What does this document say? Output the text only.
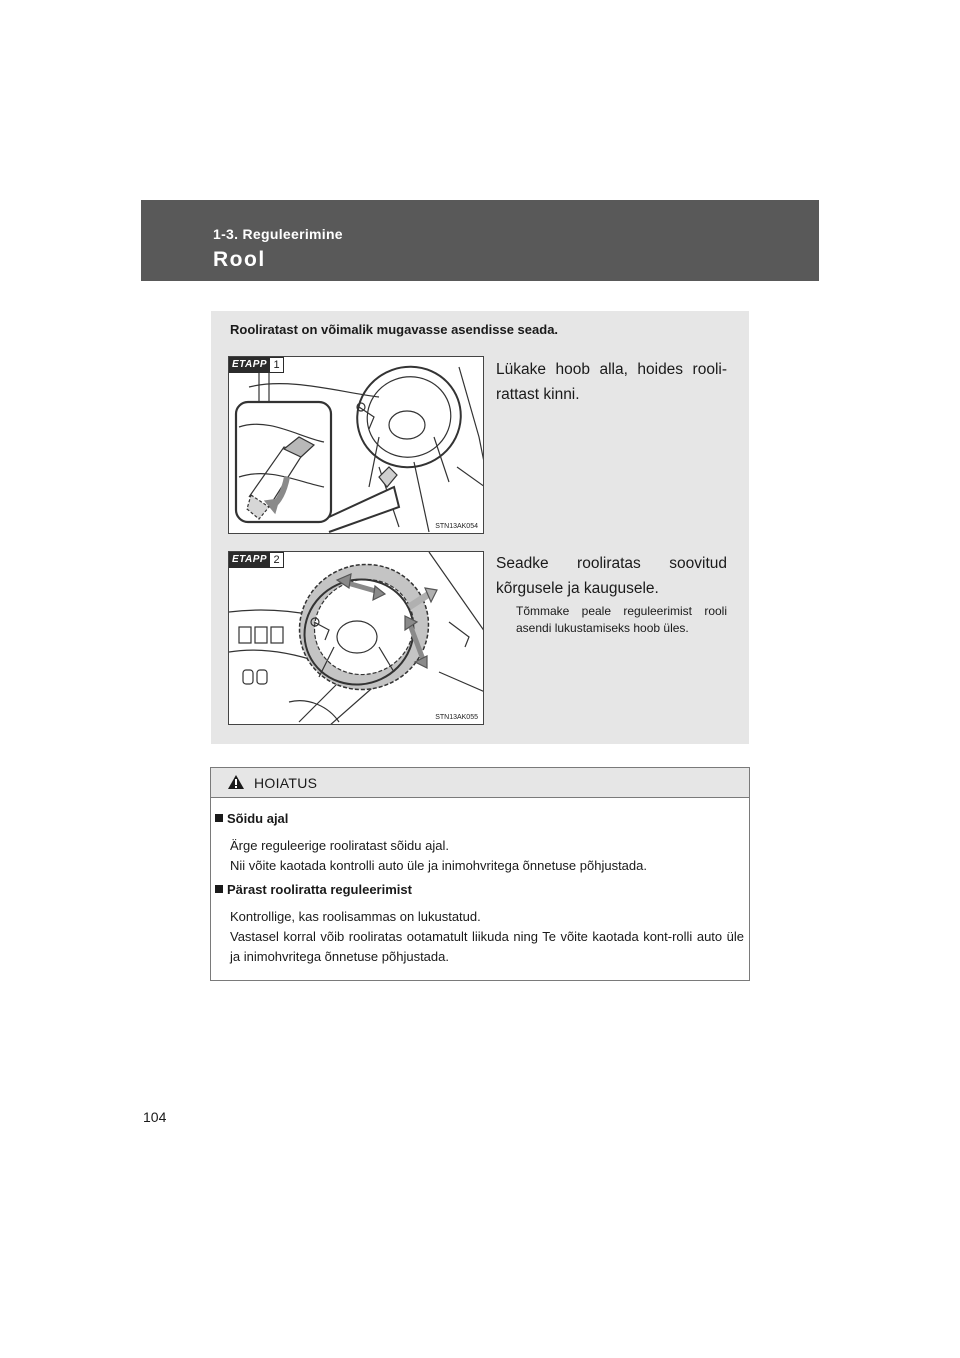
1-3. Reguleerimine
Rool
Rooliratast on võimalik mugavasse asendisse seada.
ETAPP 1
STN13AK054
Lükake hoob alla, hoides rooli-rattast kinni.
ETAPP 2
STN13AK055
Seadke rooliratas soovitud kõrgusele ja kaugusele.
Tõmmake peale reguleerimist rooli asendi lukustamiseks hoob üles.
HOIATUS
Sõidu ajal
Ärge reguleerige rooliratast sõidu ajal.
Nii võite kaotada kontrolli auto üle ja inimohvritega õnnetuse põhjustada.
Pärast rooliratta reguleerimist
Kontrollige, kas roolisammas on lukustatud.
Vastasel korral võib rooliratas ootamatult liikuda ning Te võite kaotada kont-rolli auto üle ja inimohvritega õnnetuse põhjustada.
104
